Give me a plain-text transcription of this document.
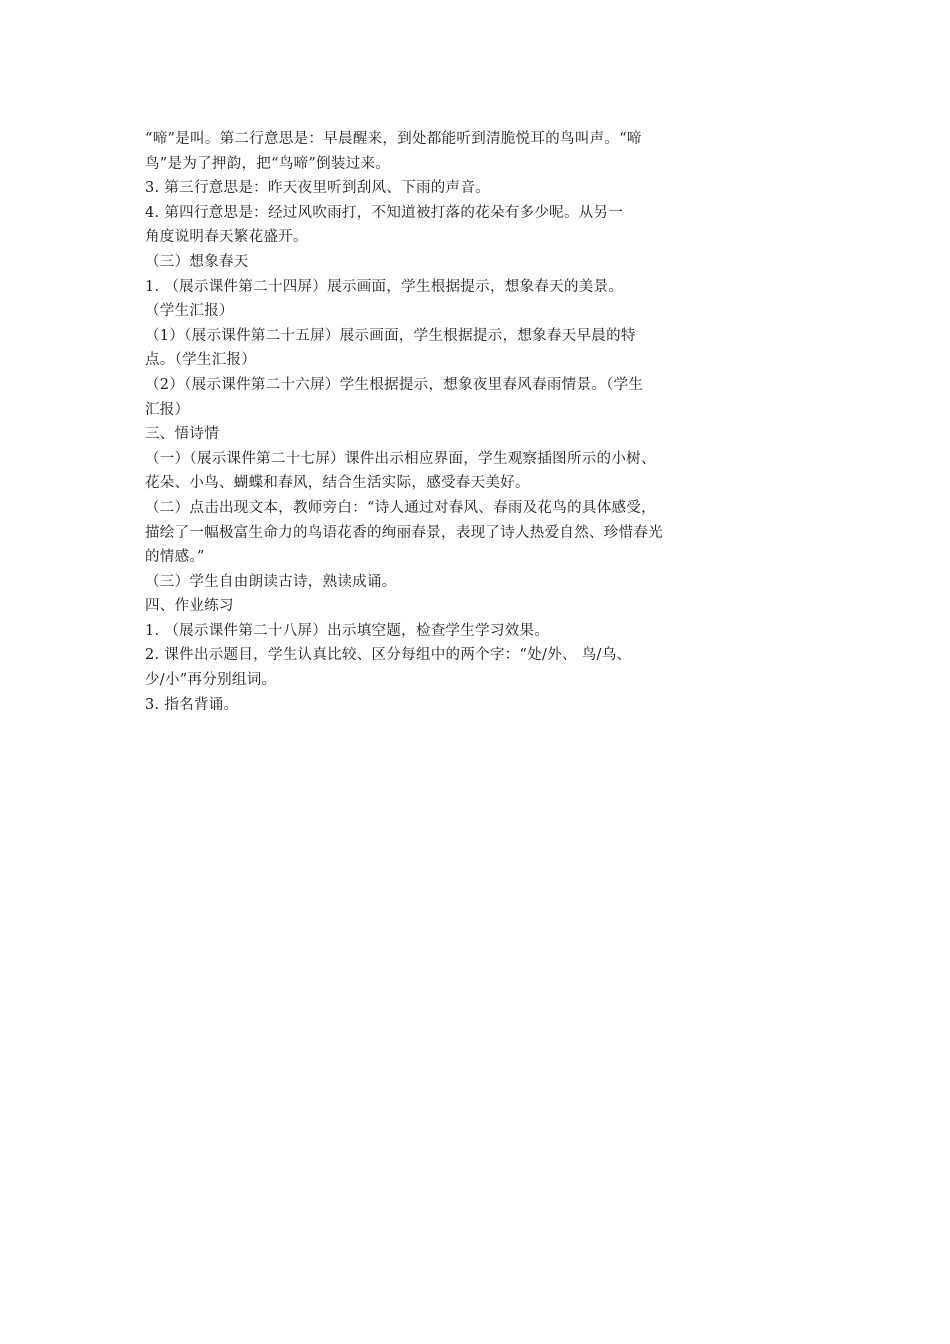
“啼”是叫。第二行意思是：早晨醒来，到处都能听到清脆悦耳的鸟叫声。“啼
鸟”是为了押韵，把“鸟啼”倒装过来。
3. 第三行意思是：昨天夜里听到刮风、下雨的声音。
4. 第四行意思是：经过风吹雨打，不知道被打落的花朵有多少呢。从另一
角度说明春天繁花盛开。
（三）想象春天
1. （展示课件第二十四屏）展示画面，学生根据提示，想象春天的美景。
（学生汇报）
（1）（展示课件第二十五屏）展示画面，学生根据提示，想象春天早晨的特
点。（学生汇报）
（2）（展示课件第二十六屏）学生根据提示，想象夜里春风春雨情景。（学生
汇报）
三、悟诗情
（一）（展示课件第二十七屏）课件出示相应界面，学生观察插图所示的小树、
花朵、小鸟、蝴蝶和春风，结合生活实际，感受春天美好。
（二）点击出现文本，教师旁白：“诗人通过对春风、春雨及花鸟的具体感受，
描绘了一幅极富生命力的鸟语花香的绚丽春景，表现了诗人热爱自然、珍惜春光
的情感。”
（三）学生自由朗读古诗，熟读成诵。
四、作业练习
1. （展示课件第二十八屏）出示填空题，检查学生学习效果。
2. 课件出示题目，学生认真比较、区分每组中的两个字：“处/外、 鸟/乌、
少/小”再分别组词。
3. 指名背诵。
